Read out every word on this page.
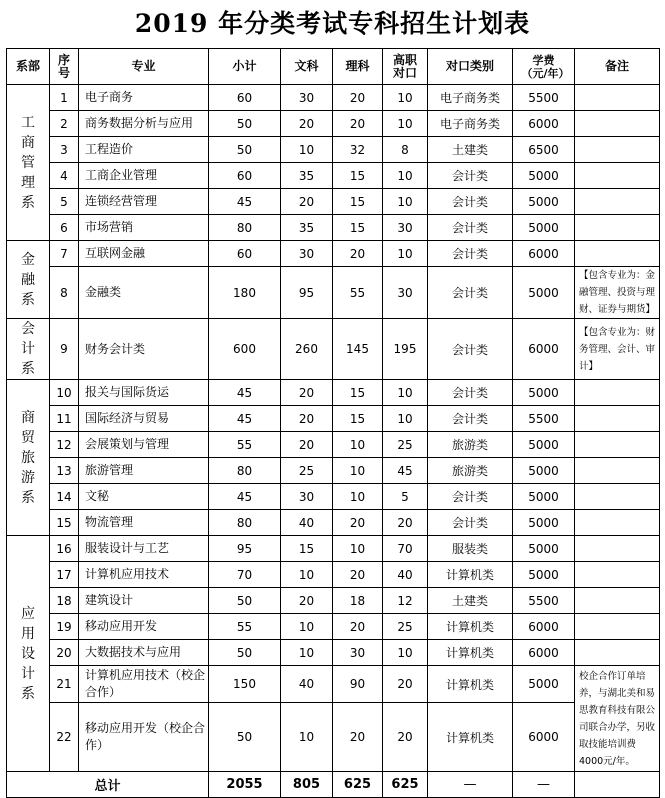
2019 年分类考试专科招生计划表
系部	序号	专业	小计	文科	理科	高职对口	对口类别	学费（元/年）	备注
工商管理系	1	电子商务	60	30	20	10	电子商务类	5500	
	2	商务数据分析与应用	50	20	20	10	电子商务类	6000	
	3	工程造价	50	10	32	8	土建类	6500	
	4	工商企业管理	60	35	15	10	会计类	5000	
	5	连锁经营管理	45	20	15	10	会计类	5000	
	6	市场营销	80	35	15	30	会计类	5000	
金融系	7	互联网金融	60	30	20	10	会计类	6000	
	8	金融类	180	95	55	30	会计类	5000	【包含专业为：金融管理、投资与理财、证券与期货】
会计系	9	财务会计类	600	260	145	195	会计类	6000	【包含专业为：财务管理、会计、审计】
商贸旅游系	10	报关与国际货运	45	20	15	10	会计类	5000	
	11	国际经济与贸易	45	20	15	10	会计类	5500	
	12	会展策划与管理	55	20	10	25	旅游类	5000	
	13	旅游管理	80	25	10	45	旅游类	5000	
	14	文秘	45	30	10	5	会计类	5000	
	15	物流管理	80	40	20	20	会计类	5000	
应用设计系	16	服装设计与工艺	95	15	10	70	服装类	5000	
	17	计算机应用技术	70	10	20	40	计算机类	5000	
	18	建筑设计	50	20	18	12	土建类	5500	
	19	移动应用开发	55	10	20	25	计算机类	6000	
	20	大数据技术与应用	50	10	30	10	计算机类	6000	
	21	计算机应用技术（校企合作）	150	40	90	20	计算机类	5000	校企合作订单培养，与湖北美和易思教育科技有限公司联合办学，另收取技能培训费4000元/年。
	22	移动应用开发（校企合作）	50	10	20	20	计算机类	6000	
总计			2055	805	625	625	—	—	
